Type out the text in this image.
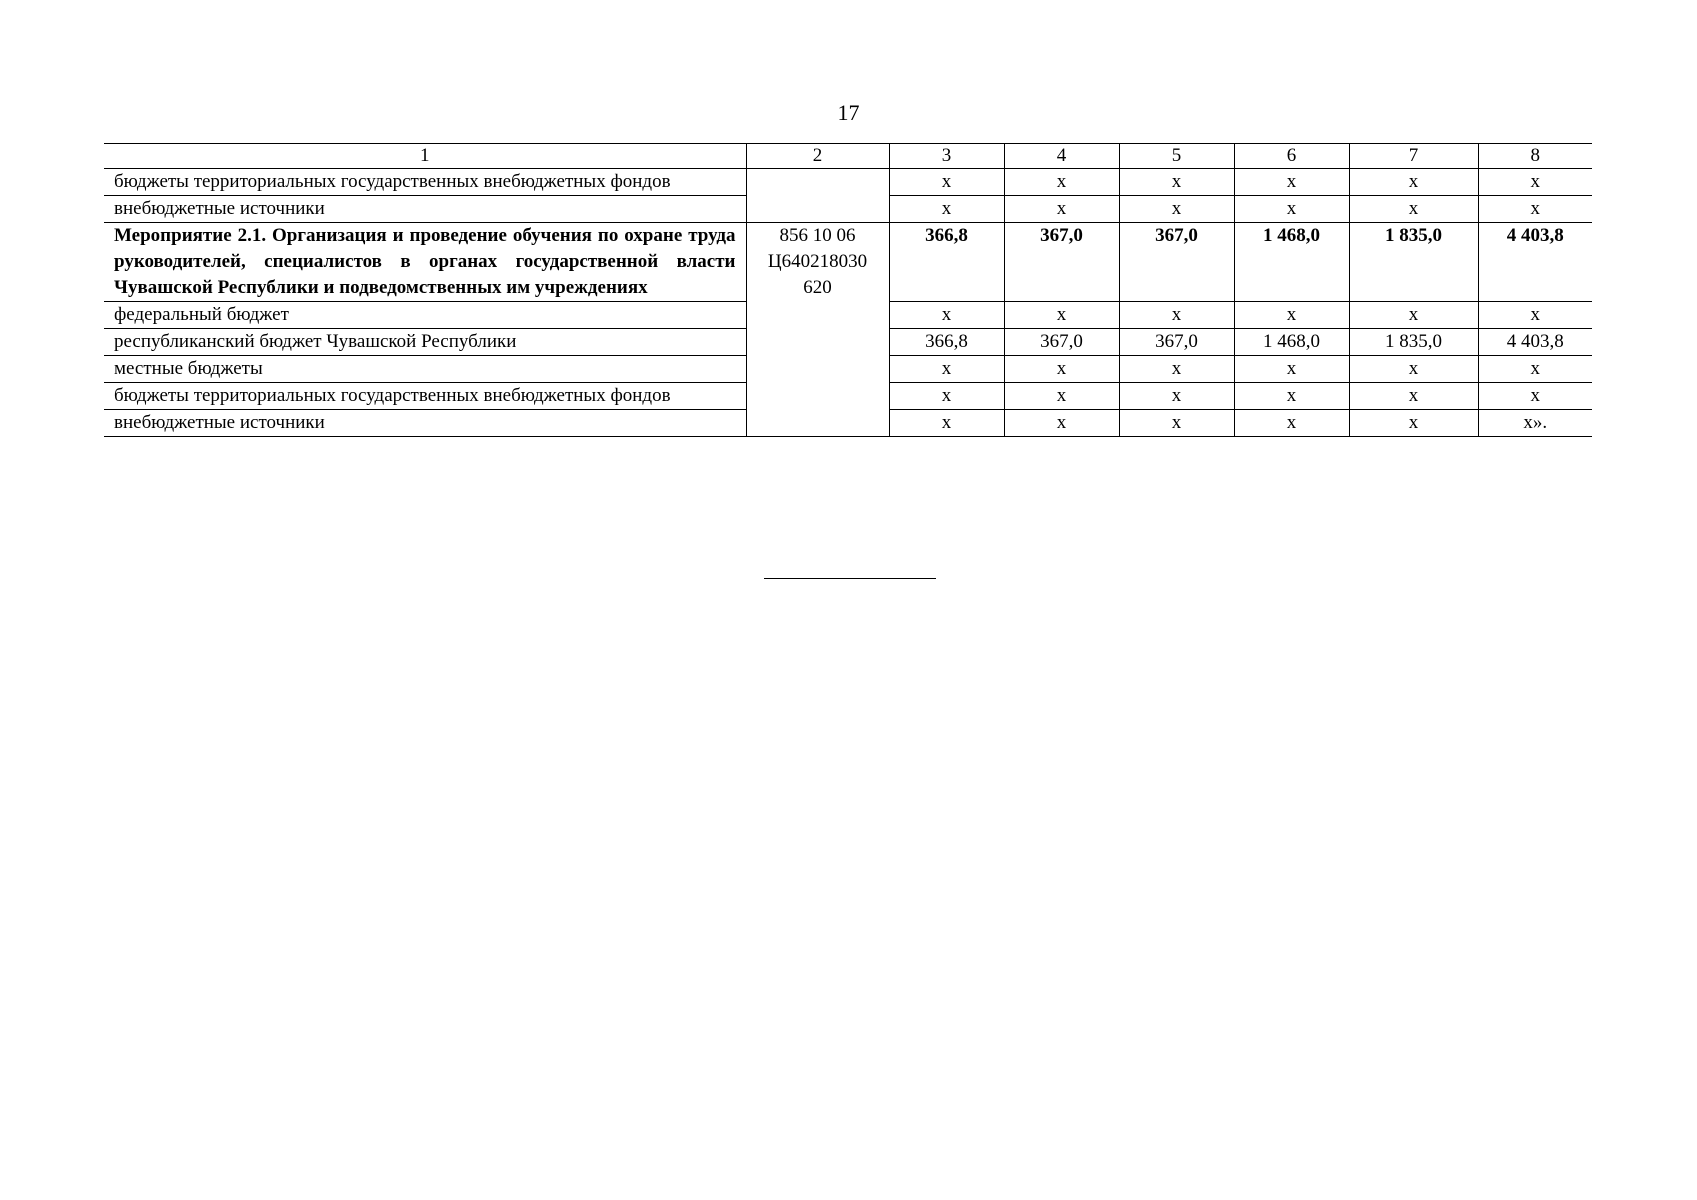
17
1	2	3	4	5	6	7	8
бюджеты территориальных государственных внебюджетных фондов		х	х	х	х	х	х
внебюджетные источники		х	х	х	х	х	х
Мероприятие 2.1. Организация и проведение обучения по охране труда руководителей, специалистов в органах государственной власти Чувашской Республики и подведомственных им учреждениях	856 10 06 Ц640218030 620	366,8	367,0	367,0	1 468,0	1 835,0	4 403,8
федеральный бюджет		х	х	х	х	х	х
республиканский бюджет Чувашской Республики		366,8	367,0	367,0	1 468,0	1 835,0	4 403,8
местные бюджеты		х	х	х	х	х	х
бюджеты территориальных государственных внебюджетных фондов		х	х	х	х	х	х
внебюджетные источники		х	х	х	х	х	х».
